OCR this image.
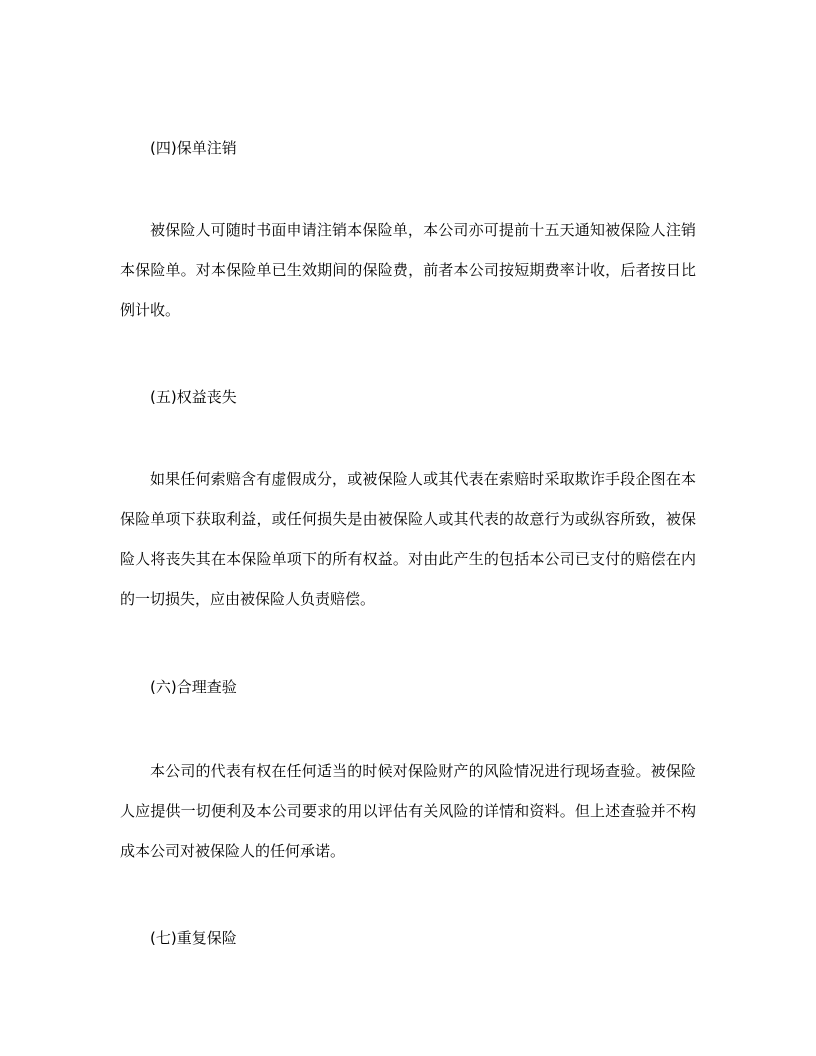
(四)保单注销

被保险人可随时书面申请注销本保险单，本公司亦可提前十五天通知被保险人注销本保险单。对本保险单已生效期间的保险费，前者本公司按短期费率计收，后者按日比例计收。

(五)权益丧失

如果任何索赔含有虚假成分，或被保险人或其代表在索赔时采取欺诈手段企图在本保险单项下获取利益，或任何损失是由被保险人或其代表的故意行为或纵容所致，被保险人将丧失其在本保险单项下的所有权益。对由此产生的包括本公司已支付的赔偿在内的一切损失，应由被保险人负责赔偿。

(六)合理查验

本公司的代表有权在任何适当的时候对保险财产的风险情况进行现场查验。被保险人应提供一切便利及本公司要求的用以评估有关风险的详情和资料。但上述查验并不构成本公司对被保险人的任何承诺。

(七)重复保险
